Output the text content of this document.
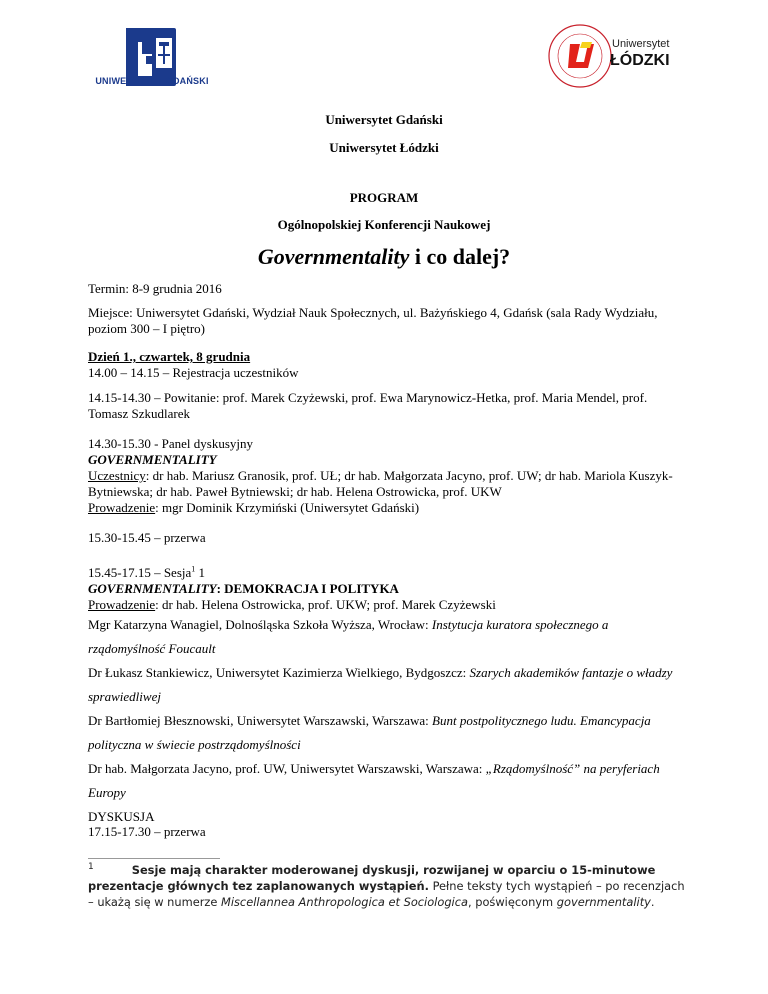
UNIWERSYTET GDAŃSKI
Uniwersytet
ŁÓDZKI
Uniwersytet Gdański
Uniwersytet Łódzki
PROGRAM
Ogólnopolskiej Konferencji Naukowej
Governmentality i co dalej?
Termin: 8-9 grudnia 2016
Miejsce: Uniwersytet Gdański, Wydział Nauk Społecznych, ul. Bażyńskiego 4, Gdańsk (sala Rady Wydziału, poziom 300 – I piętro)
Dzień 1., czwartek, 8 grudnia
14.00 – 14.15 – Rejestracja uczestników
14.15-14.30 – Powitanie: prof. Marek Czyżewski, prof. Ewa Marynowicz-Hetka, prof. Maria Mendel, prof. Tomasz Szkudlarek
14.30-15.30 - Panel dyskusyjny
GOVERNMENTALITY
Uczestnicy: dr hab. Mariusz Granosik, prof. UŁ; dr hab. Małgorzata Jacyno, prof. UW; dr hab. Mariola Kuszyk-Bytniewska; dr hab. Paweł Bytniewski; dr hab. Helena Ostrowicka, prof. UKW
Prowadzenie: mgr Dominik Krzymiński (Uniwersytet Gdański)
15.30-15.45 – przerwa
15.45-17.15 – Sesja$^1$ 1
GOVERNMENTALITY: DEMOKRACJA I POLITYKA
Prowadzenie: dr hab. Helena Ostrowicka, prof. UKW; prof. Marek Czyżewski
Mgr Katarzyna Wanagiel, Dolnośląska Szkoła Wyższa, Wrocław: Instytucja kuratora społecznego a rządomyślność Foucault
Dr Łukasz Stankiewicz, Uniwersytet Kazimierza Wielkiego, Bydgoszcz: Szarych akademików fantazje o władzy sprawiedliwej
Dr Bartłomiej Błesznowski, Uniwersytet Warszawski, Warszawa: Bunt postpolitycznego ludu. Emancypacja polityczna w świecie postrządomyślności
Dr hab. Małgorzata Jacyno, prof. UW, Uniwersytet Warszawski, Warszawa: „Rządomyślność” na peryferiach Europy
DYSKUSJA
17.15-17.30 – przerwa
$^1$	Sesje mają charakter moderowanej dyskusji, rozwijanej w oparciu o 15-minutowe prezentacje głównych tez zaplanowanych wystąpień. Pełne teksty tych wystąpień – po recenzjach – ukażą się w numerze Miscellannea Anthropologica et Sociologica, poświęconym governmentality.
